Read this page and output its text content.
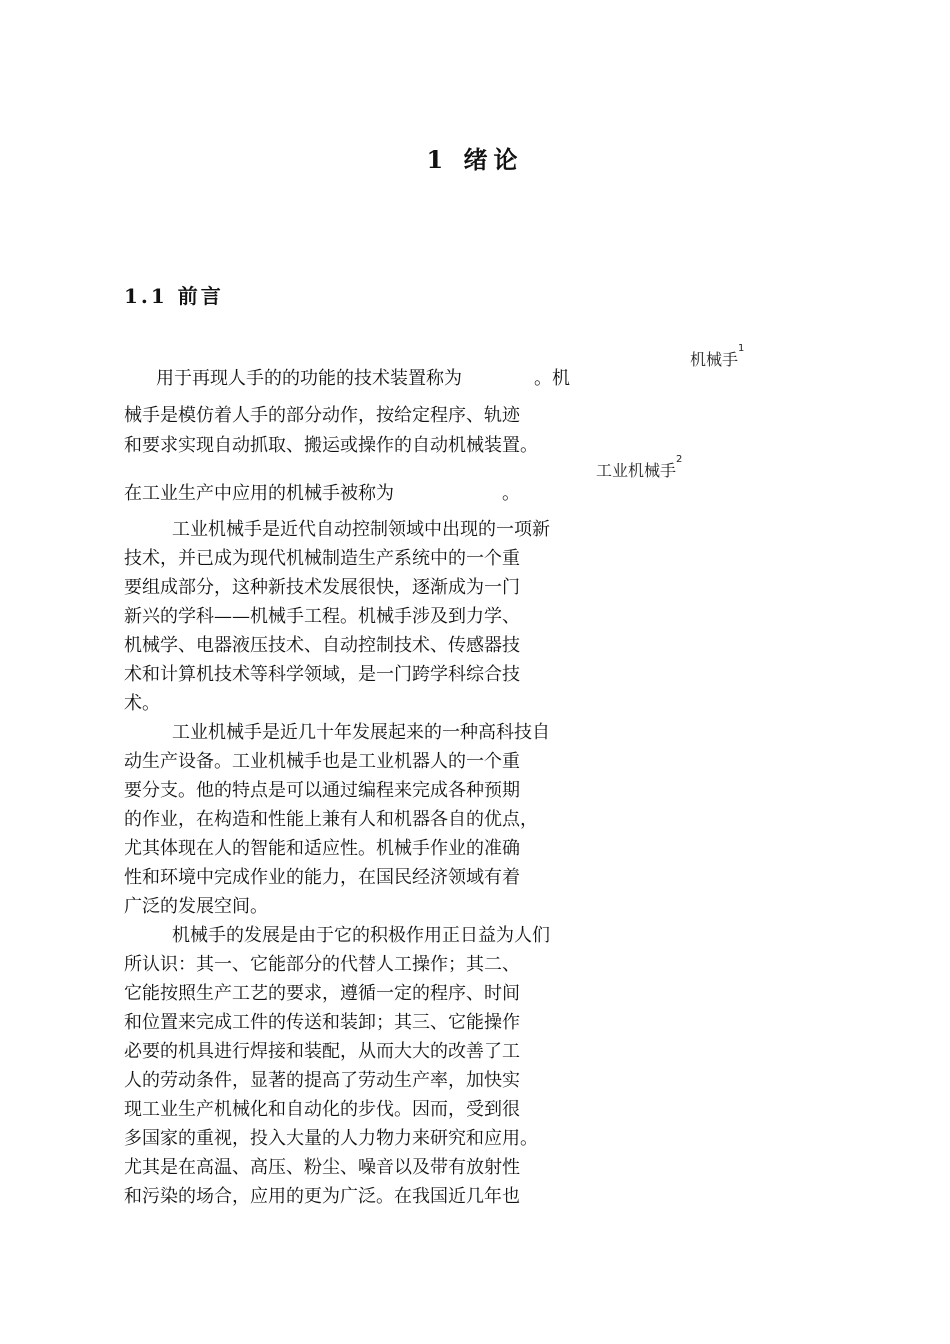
1 绪论
1.1 前言
机械手$^1$
工业机械手$^2$
用于再现人手的的功能的技术装置称为　　　　。机
械手是模仿着人手的部分动作，按给定程序、轨迹
和要求实现自动抓取、搬运或操作的自动机械装置。
在工业生产中应用的机械手被称为　　　　　　。
工业机械手是近代自动控制领域中出现的一项新
技术，并已成为现代机械制造生产系统中的一个重
要组成部分，这种新技术发展很快，逐渐成为一门
新兴的学科——机械手工程。机械手涉及到力学、
机械学、电器液压技术、自动控制技术、传感器技
术和计算机技术等科学领域，是一门跨学科综合技
术。
工业机械手是近几十年发展起来的一种高科技自
动生产设备。工业机械手也是工业机器人的一个重
要分支。他的特点是可以通过编程来完成各种预期
的作业，在构造和性能上兼有人和机器各自的优点，
尤其体现在人的智能和适应性。机械手作业的准确
性和环境中完成作业的能力，在国民经济领域有着
广泛的发展空间。
机械手的发展是由于它的积极作用正日益为人们
所认识：其一、它能部分的代替人工操作；其二、
它能按照生产工艺的要求，遵循一定的程序、时间
和位置来完成工件的传送和装卸；其三、它能操作
必要的机具进行焊接和装配，从而大大的改善了工
人的劳动条件，显著的提高了劳动生产率，加快实
现工业生产机械化和自动化的步伐。因而，受到很
多国家的重视，投入大量的人力物力来研究和应用。
尤其是在高温、高压、粉尘、噪音以及带有放射性
和污染的场合，应用的更为广泛。在我国近几年也
